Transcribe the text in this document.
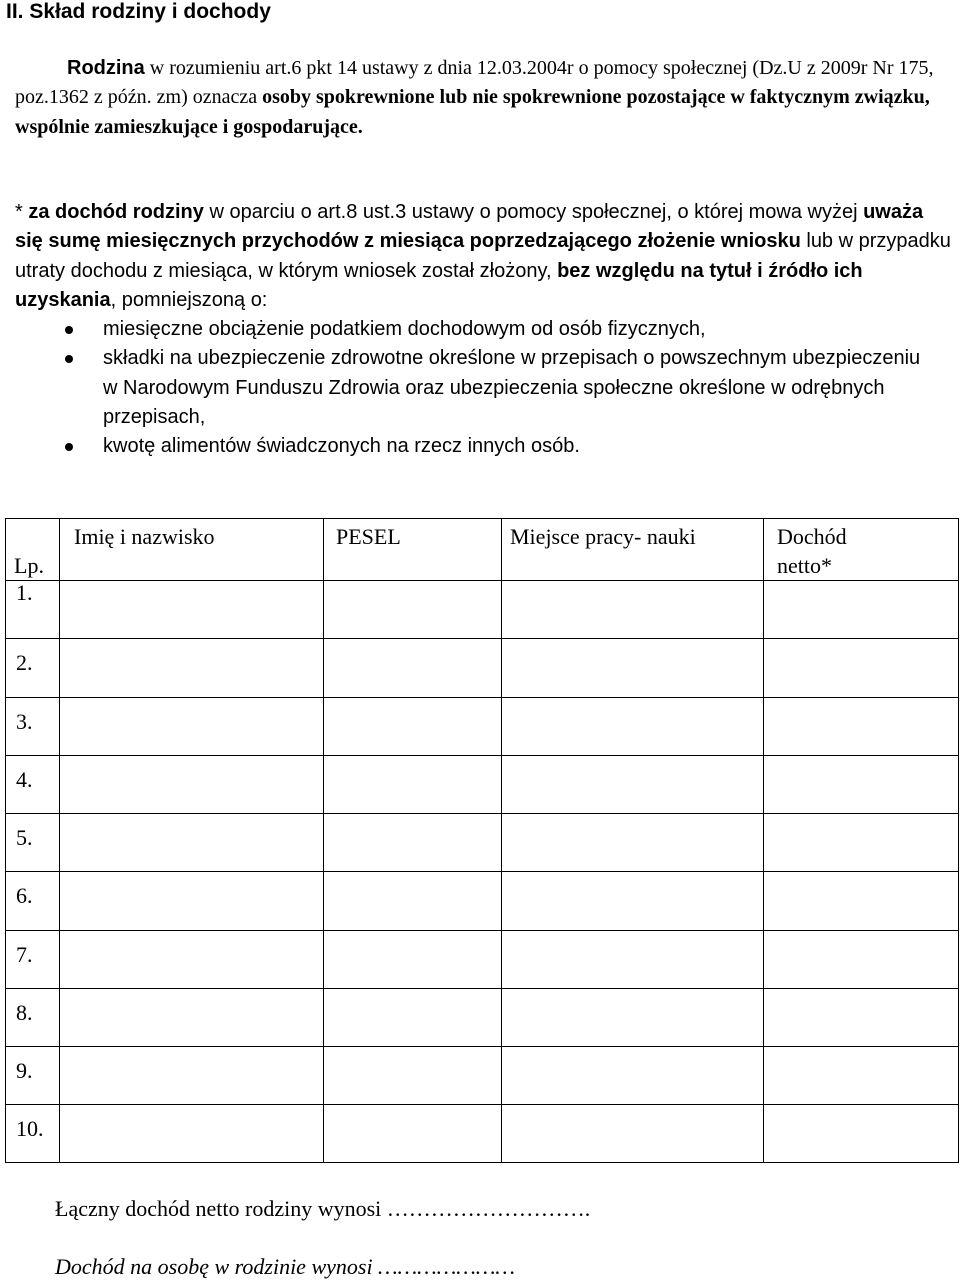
II. Skład rodziny i dochody

Rodzina w rozumieniu art.6 pkt 14 ustawy z dnia 12.03.2004r o pomocy społecznej (Dz.U z 2009r Nr 175, poz.1362 z późn. zm) oznacza osoby spokrewnione lub nie spokrewnione pozostające w faktycznym związku, wspólnie zamieszkujące i gospodarujące.

* za dochód rodziny w oparciu o art.8 ust.3 ustawy o pomocy społecznej, o której mowa wyżej uważa się sumę miesięcznych przychodów z miesiąca poprzedzającego złożenie wniosku lub w przypadku utraty dochodu z miesiąca, w którym wniosek został złożony, bez względu na tytuł i źródło ich uzyskania, pomniejszoną o:

miesięczne obciążenie podatkiem dochodowym od osób fizycznych,
składki na ubezpieczenie zdrowotne określone w przepisach o powszechnym ubezpieczeniu w Narodowym Funduszu Zdrowia oraz ubezpieczenia społeczne określone w odrębnych przepisach,
kwotę alimentów świadczonych na rzecz innych osób.
Lp.	Imię i nazwisko	PESEL	Miejsce pracy- nauki	Dochód netto*

1.				

2.				

3.				

4.				

5.				

6.				

7.				

8.				

9.				

10.				

Łączny dochód netto rodziny wynosi ……………………….

Dochód na osobę w rodzinie wynosi …………………
